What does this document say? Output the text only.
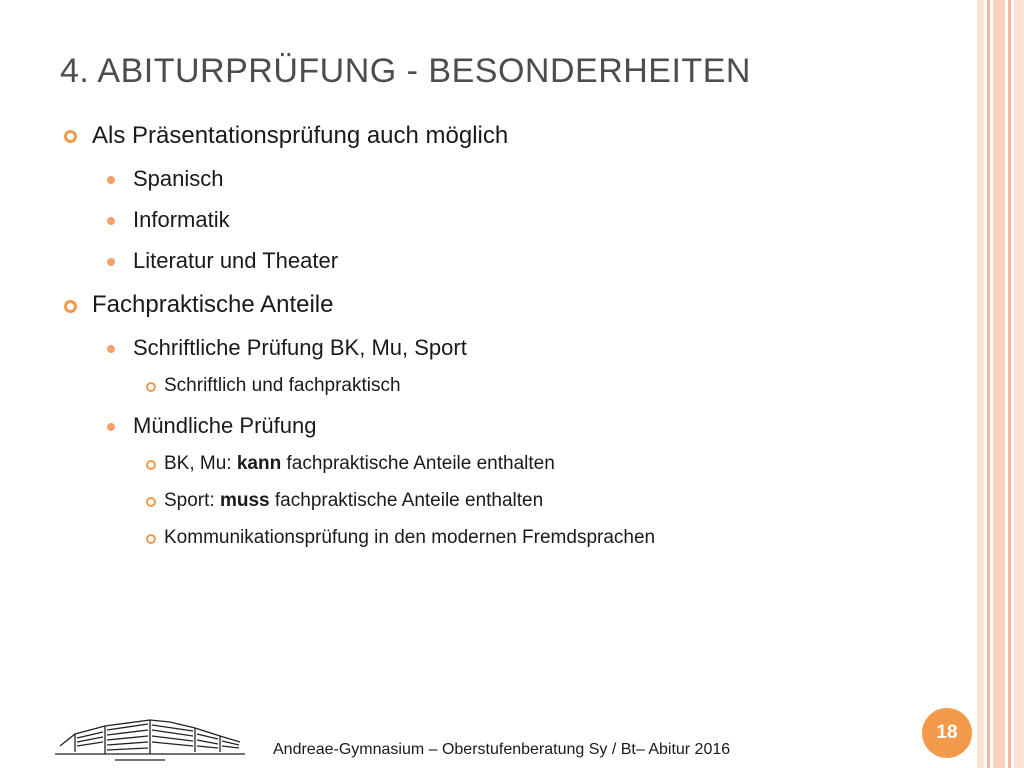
4. ABITURPRÜFUNG - BESONDERHEITEN
Als Präsentationsprüfung auch möglich
Spanisch
Informatik
Literatur und Theater
Fachpraktische Anteile
Schriftliche Prüfung BK, Mu, Sport
Schriftlich und fachpraktisch
Mündliche Prüfung
BK, Mu: kann fachpraktische Anteile enthalten
Sport: muss fachpraktische Anteile enthalten
Kommunikationsprüfung in den modernen Fremdsprachen
Andreae-Gymnasium – Oberstufenberatung Sy / Bt– Abitur 2016
18
